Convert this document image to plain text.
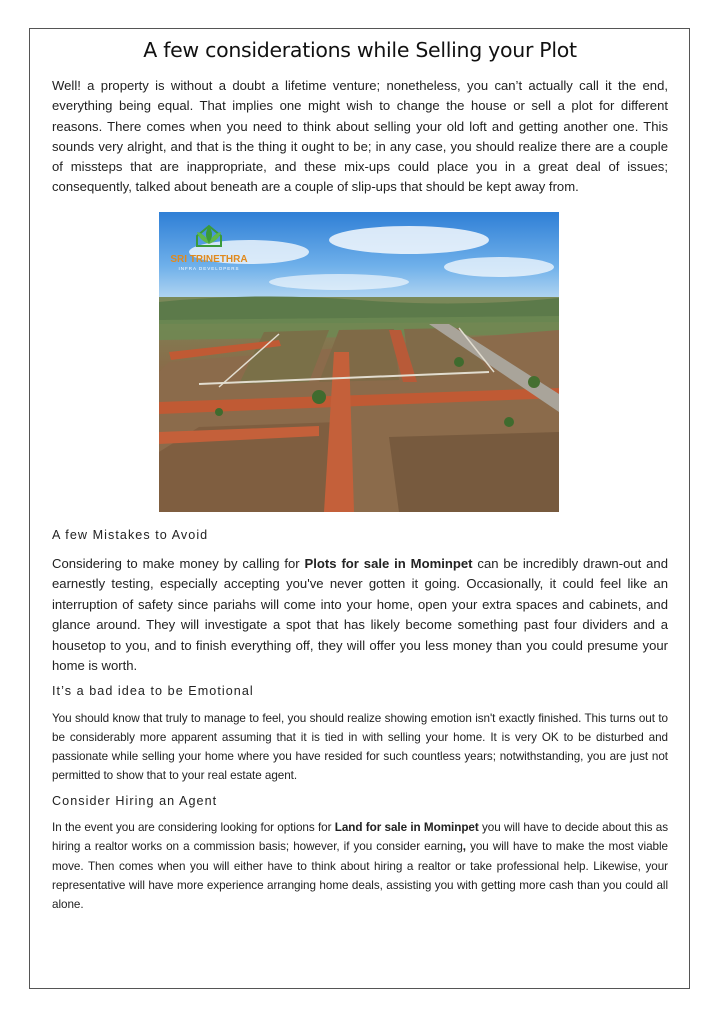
A few considerations while Selling your Plot

Well! a property is without a doubt a lifetime venture; nonetheless, you can’t actually call it the end, everything being equal. That implies one might wish to change the house or sell a plot for different reasons. There comes when you need to think about selling your old loft and getting another one. This sounds very alright, and that is the thing it ought to be; in any case, you should realize there are a couple of missteps that are inappropriate, and these mix-ups could place you in a great deal of issues; consequently, talked about beneath are a couple of slip-ups that should be kept away from.

SRI TRINETHRA
INFRA DEVELOPERS
A few Mistakes to Avoid

Considering to make money by calling for Plots for sale in Mominpet can be incredibly drawn-out and earnestly testing, especially accepting you've never gotten it going. Occasionally, it could feel like an interruption of safety since pariahs will come into your home, open your extra spaces and cabinets, and glance around. They will investigate a spot that has likely become something past four dividers and a housetop to you, and to finish everything off, they will offer you less money than you could presume your home is worth.

It’s a bad idea to be Emotional

You should know that truly to manage to feel, you should realize showing emotion isn't exactly finished. This turns out to be considerably more apparent assuming that it is tied in with selling your home. It is very OK to be disturbed and passionate while selling your home where you have resided for such countless years; notwithstanding, you are just not permitted to show that to your real estate agent.

Consider Hiring an Agent

In the event you are considering looking for options for Land for sale in Mominpet you will have to decide about this as hiring a realtor works on a commission basis; however, if you consider earning, you will have to make the most viable move. Then comes when you will either have to think about hiring a realtor or take professional help. Likewise, your representative will have more experience arranging home deals, assisting you with getting more cash than you could all alone.
